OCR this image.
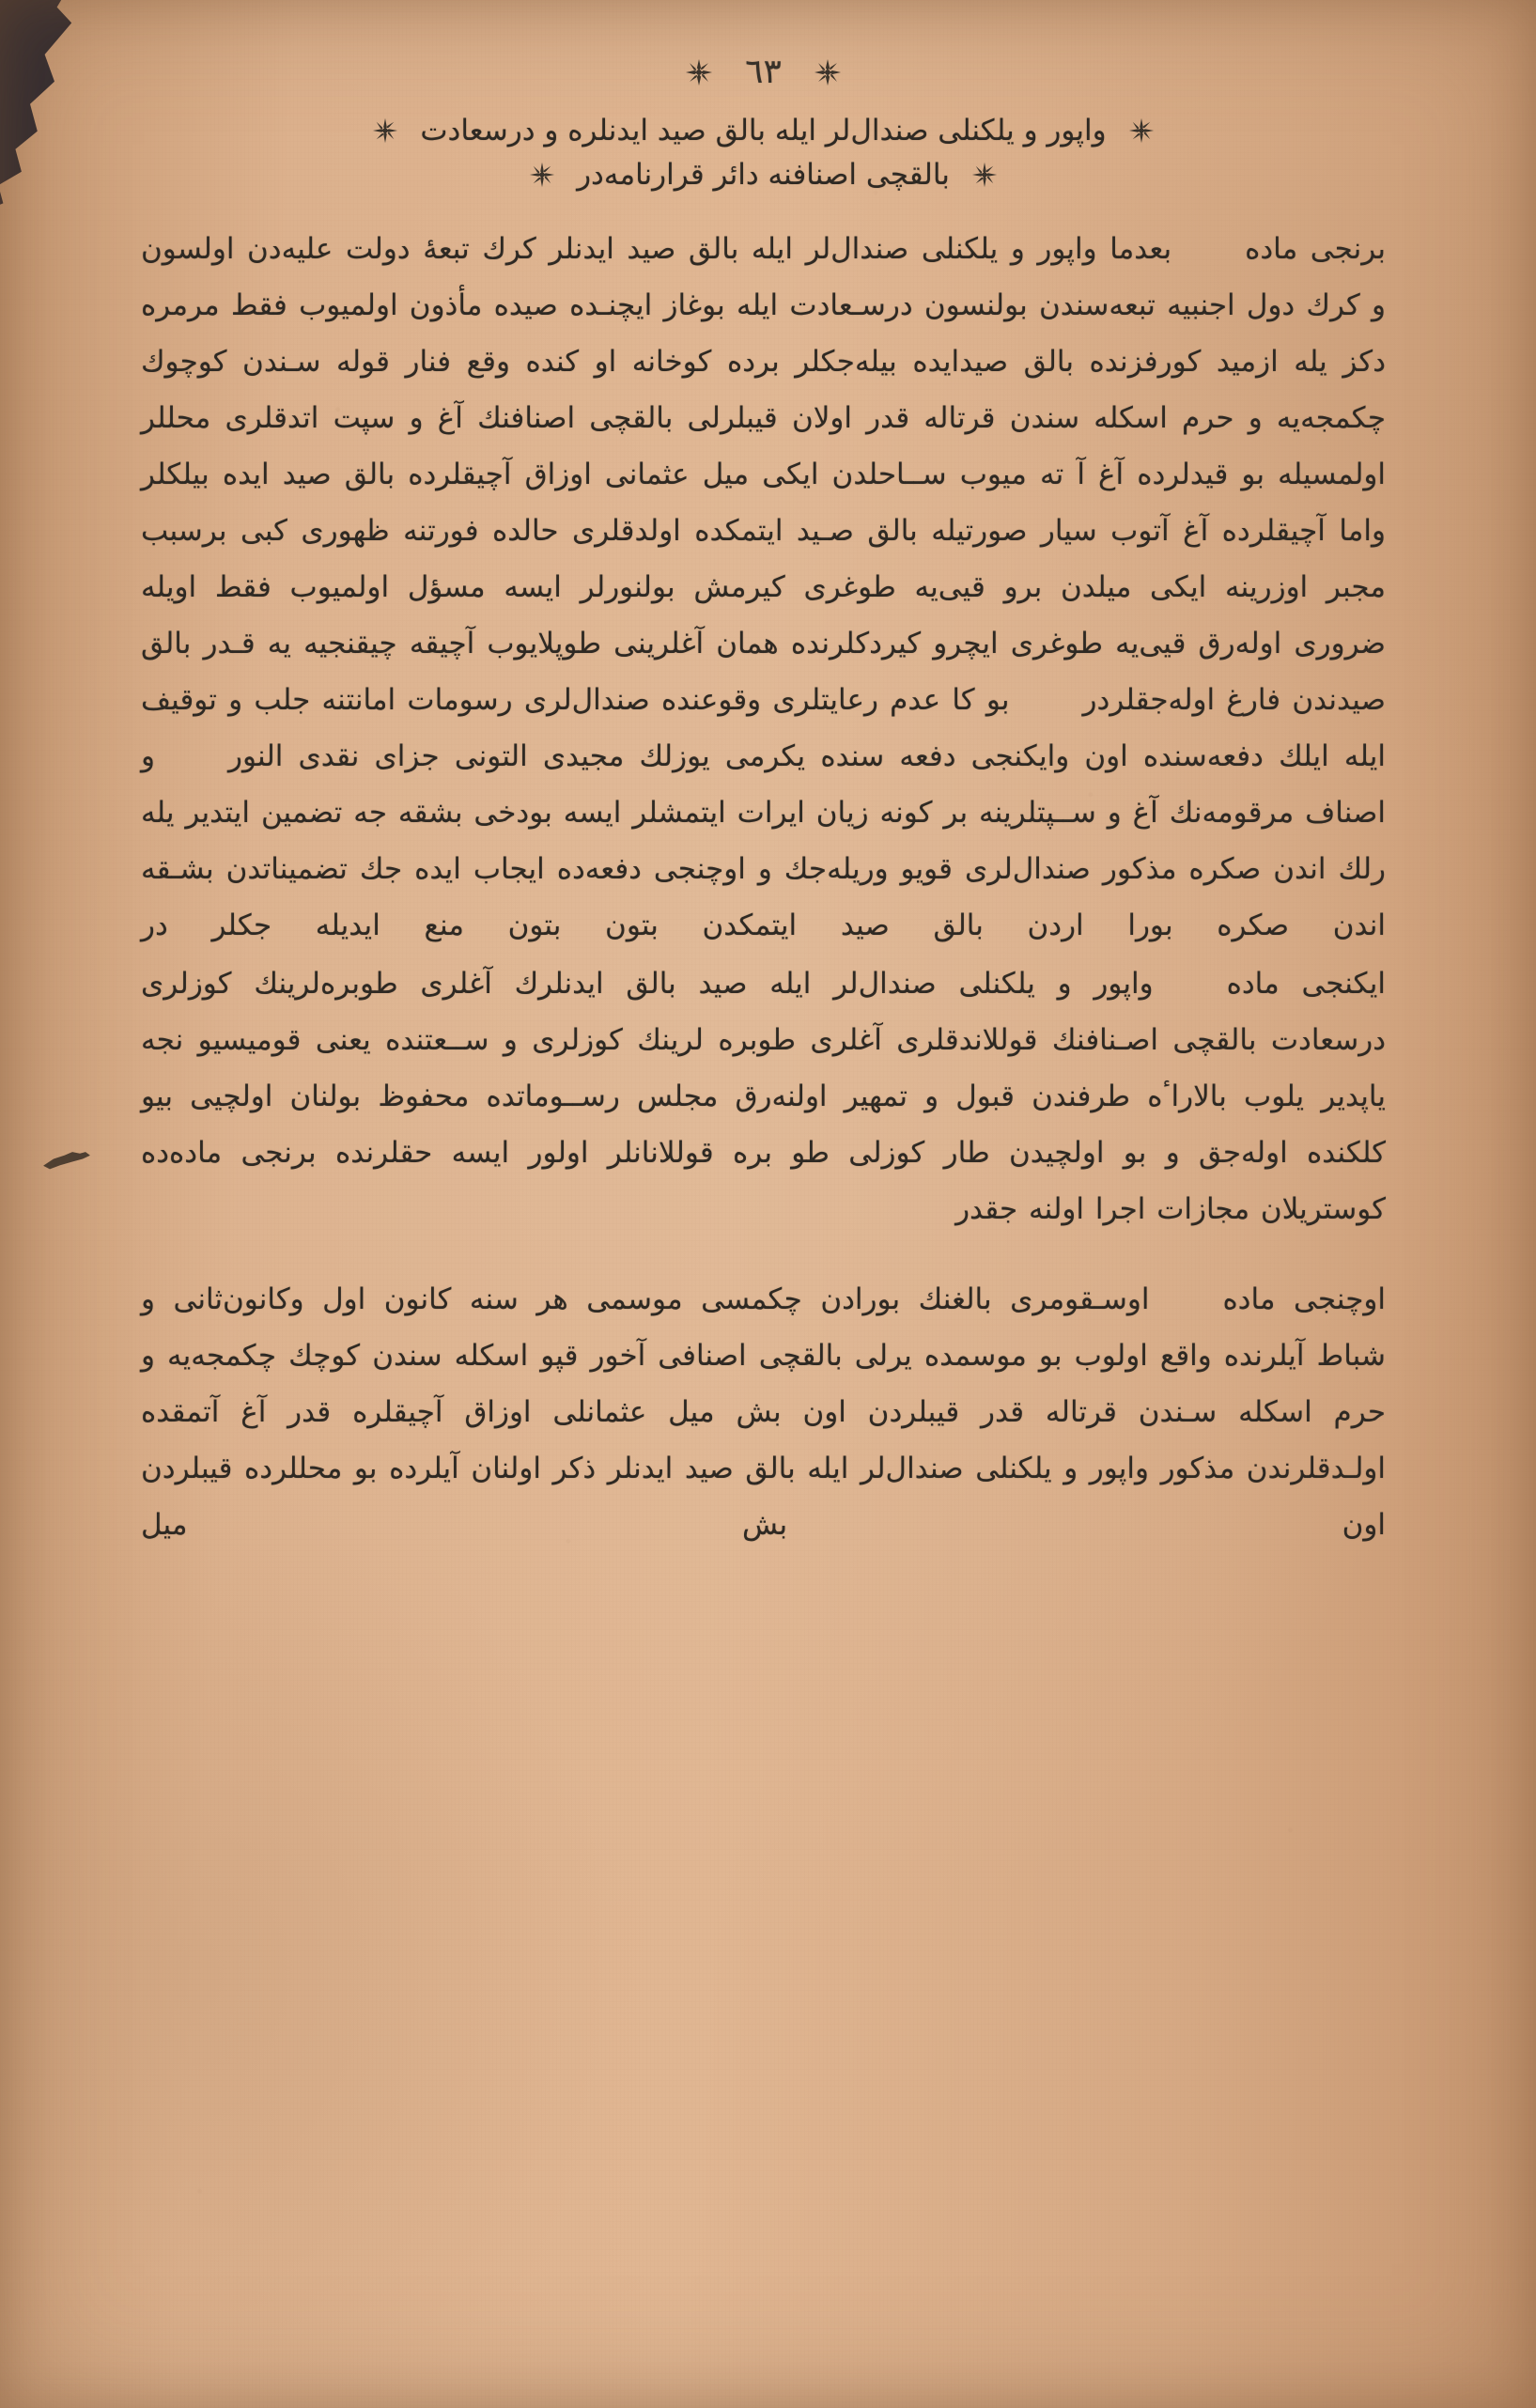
٦٣
واپور و یلکنلی صندال‌لر ایله بالق صید ایدنلره و درسعادت
بالقچی اصنافنه دائر قرارنامه‌در

برنجی مادهبعدما واپور و یلکنلی صندال‌لر ایله بالق صید ایدنلر کرك تبعهٔ دولت علیه‌دن اولسون و کرك دول اجنبیه تبعه‌سندن بولنسون درسـعادت ایله بوغاز ایچنـده صیده مأذون اولمیوب فقط مرمره دکز یله ازمید کورفزنده بالق صیدایده بیله‌جکلر برده کوخانه او کنده وقع فنار قوله سـندن کوچوك چکمجه‌یه و حرم اسکله سندن قرتاله قدر اولان قیبلرلی بالقچی اصنافنك آغ و سپت اتدقلری محللر اولمسیله بو قیدلرده آغ آ ته میوب ســاحلدن ایکی میل عثمانی اوزاق آچیقلرده بالق صید ایده بیلکلر واما آچیقلرده آغ آتوب سیار صورتیله بالق صـید ایتمکده اولدقلری حالده فورتنه ظهوری کبی برسبب مجبر اوزرینه ایکی میلدن برو قیی‌یه طوغری کیرمش بولنورلر ایسه مسؤل اولمیوب فقط اویله ضروری اوله‌رق قیی‌یه طوغری ایچرو کیردکلرنده همان آغلرینی طوپلایوب آچیقه چیقنجیه یه قـدر بالق صیدندن فارغ اوله‌جقلردربو کا عدم رعایتلری وقوعنده صندال‌لری رسومات امانتنه جلب و توقیف ایله ایلك دفعه‌سنده اون وایکنجی دفعه سنده یکرمی یوز‌لك مجیدی التونی جزای نقدی النورو اصناف مرقومه‌نك آغ و ســپتلرینه بر کونه زیان ایرات ایتمشلر ایسه بودخی بشقه جه تضمین ایتدیر یله رلك اندن صکره مذکور صندال‌لری قویو وریله‌جك و اوچنجی دفعه‌ده ایجاب ایده جك تضمیناتدن بشـقه اندن صکره بورا اردن بالق صید ایتمکدن بتون بتون منع ایدیله جکلر در

ایکنجی مادهواپور و یلکنلی صندال‌لر ایله صید بالق ایدنلرك آغلری طوبره‌لرینك کوزلری درسعادت بالقچی اصـنافنك قوللاندقلری آغلری طوبره لرینك کوزلری و ســعتنده یعنی قومیسیو نجه یاپدیر یلوب بالاراٴه طرفندن قبول و تمهیر اولنه‌رق مجلس رســوماتده محفوظ بولنان اولچیی بیو کلکنده اوله‌جق و بو اولچیدن طار کوزلی طو بره قوللانانلر اولور ایسه حقلرنده برنجی ماده‌ده کوستریلان مجازات اجرا اولنه جقدر

اوچنجی مادهاوسـقومری بالغنك بورادن چکمسی موسمی هر سنه کانون اول وکانون‌ثانی و شباط آیلرنده واقع اولوب بو موسمده یرلی بالقچی اصنافی آخور قپو اسکله سندن کوچك چکمجه‌یه و حرم اسکله سـندن قرتاله قدر قیبلردن اون بش میل عثمانلی اوزاق آچیقلره قدر آغ آتمقده اولـدقلرندن مذکور واپور و یلکنلی صندال‌لر ایله بالق صید ایدنلر ذکر اولنان آیلرده بو محللرده قیبلردن اون بش میل
